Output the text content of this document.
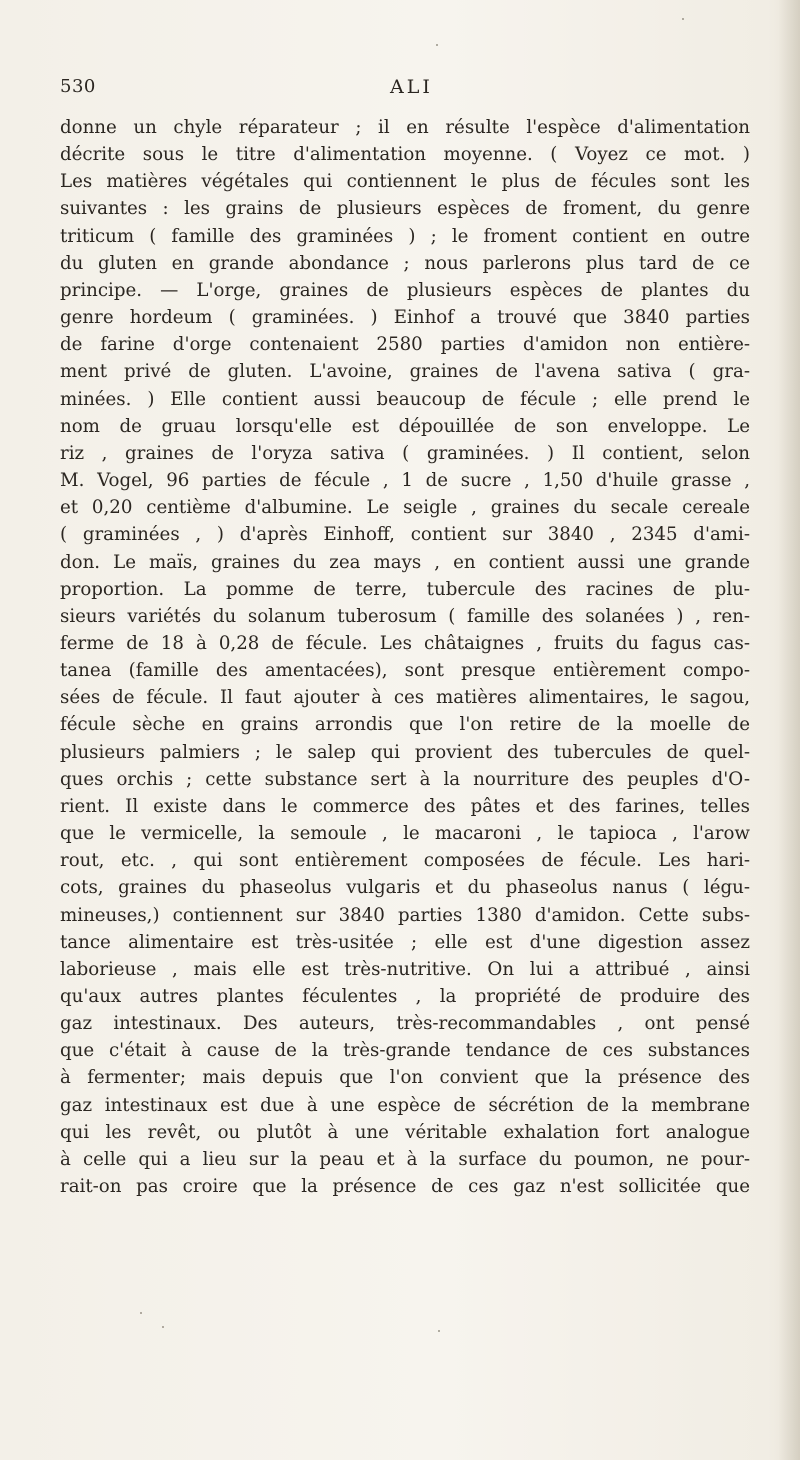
530	ALI
donne un chyle réparateur ; il en résulte l'espèce d'alimentation
décrite sous le titre d'alimentation moyenne. ( Voyez ce mot. )
Les matières végétales qui contiennent le plus de fécules sont les
suivantes : les grains de plusieurs espèces de froment, du genre
triticum ( famille des graminées ) ; le froment contient en outre
du gluten en grande abondance ; nous parlerons plus tard de ce
principe. — L'orge, graines de plusieurs espèces de plantes du
genre hordeum ( graminées. ) Einhof a trouvé que 3840 parties
de farine d'orge contenaient 2580 parties d'amidon non entière-
ment privé de gluten. L'avoine, graines de l'avena sativa ( gra-
minées. ) Elle contient aussi beaucoup de fécule ; elle prend le
nom de gruau lorsqu'elle est dépouillée de son enveloppe. Le
riz , graines de l'oryza sativa ( graminées. ) Il contient, selon
M. Vogel, 96 parties de fécule , 1 de sucre , 1,50 d'huile grasse ,
et 0,20 centième d'albumine. Le seigle , graines du secale cereale
( graminées , ) d'après Einhoff, contient sur 3840 , 2345 d'ami-
don. Le maïs, graines du zea mays , en contient aussi une grande
proportion. La pomme de terre, tubercule des racines de plu-
sieurs variétés du solanum tuberosum ( famille des solanées ) , ren-
ferme de 18 à 0,28 de fécule. Les châtaignes , fruits du fagus cas-
tanea (famille des amentacées), sont presque entièrement compo-
sées de fécule. Il faut ajouter à ces matières alimentaires, le sagou,
fécule sèche en grains arrondis que l'on retire de la moelle de
plusieurs palmiers ; le salep qui provient des tubercules de quel-
ques orchis ; cette substance sert à la nourriture des peuples d'O-
rient. Il existe dans le commerce des pâtes et des farines, telles
que le vermicelle, la semoule , le macaroni , le tapioca , l'arow
rout, etc. , qui sont entièrement composées de fécule. Les hari-
cots, graines du phaseolus vulgaris et du phaseolus nanus ( légu-
mineuses,) contiennent sur 3840 parties 1380 d'amidon. Cette subs-
tance alimentaire est très-usitée ; elle est d'une digestion assez
laborieuse , mais elle est très-nutritive. On lui a attribué , ainsi
qu'aux autres plantes féculentes , la propriété de produire des
gaz intestinaux. Des auteurs, très-recommandables , ont pensé
que c'était à cause de la très-grande tendance de ces substances
à fermenter; mais depuis que l'on convient que la présence des
gaz intestinaux est due à une espèce de sécrétion de la membrane
qui les revêt, ou plutôt à une véritable exhalation fort analogue
à celle qui a lieu sur la peau et à la surface du poumon, ne pour-
rait-on pas croire que la présence de ces gaz n'est sollicitée que
